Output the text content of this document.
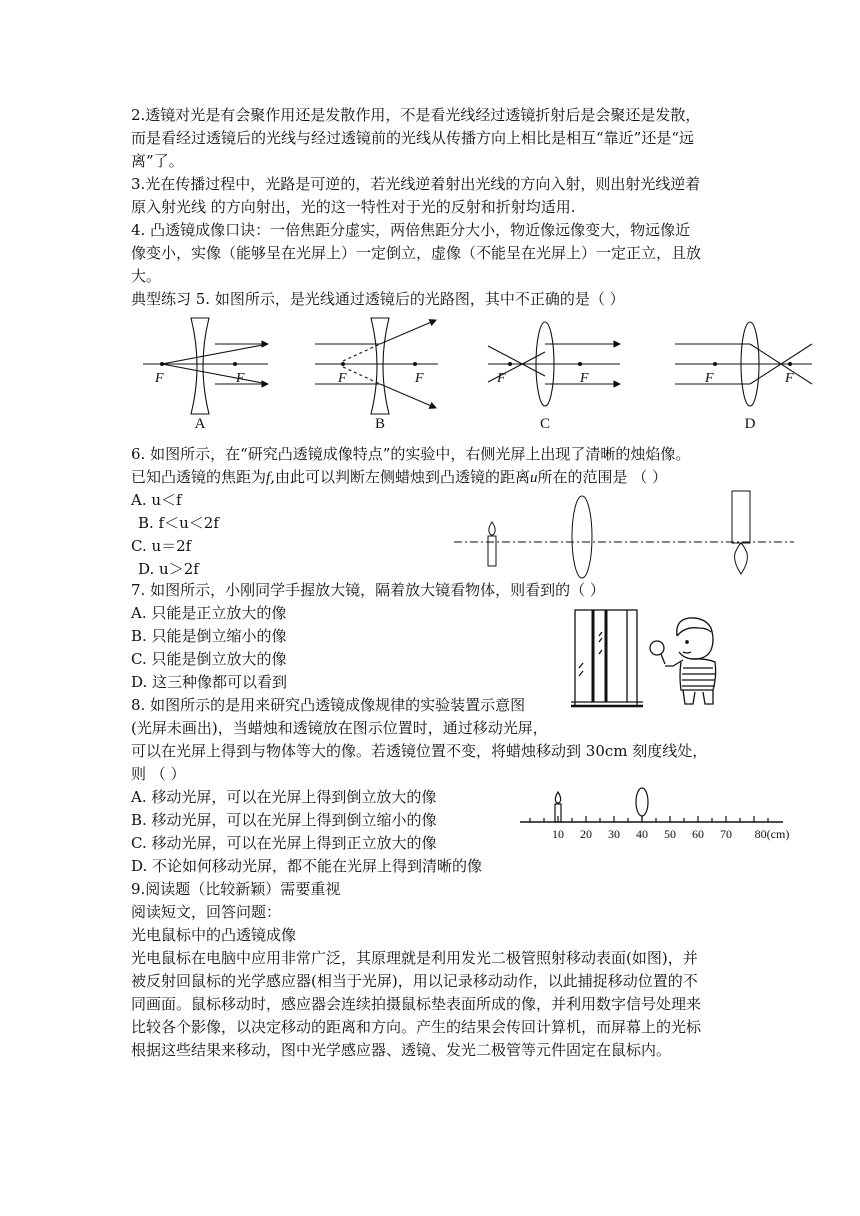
2.透镜对光是有会聚作用还是发散作用，不是看光线经过透镜折射后是会聚还是发散，
而是看经过透镜后的光线与经过透镜前的光线从传播方向上相比是相互“靠近”还是“远
离”了。
3.光在传播过程中，光路是可逆的，若光线逆着射出光线的方向入射，则出射光线逆着
原入射光线 的方向射出，光的这一特性对于光的反射和折射均适用.
4. 凸透镜成像口诀：一倍焦距分虚实，两倍焦距分大小，物近像远像变大，物远像近
像变小，实像（能够呈在光屏上）一定倒立，虚像（不能呈在光屏上）一定正立，且放
大。
典型练习 5. 如图所示，是光线通过透镜后的光路图，其中不正确的是（ ）
F	F	F	F	F	F	F	F
A	B	C	D
6. 如图所示，在“研究凸透镜成像特点”的实验中，右侧光屏上出现了清晰的烛焰像。
已知凸透镜的焦距为f,由此可以判断左侧蜡烛到凸透镜的距离u所在的范围是 （ ）
A. u＜f
B. f＜u＜2f
C. u＝2f
D. u＞2f
7. 如图所示，小刚同学手握放大镜，隔着放大镜看物体，则看到的（ ）
A. 只能是正立放大的像
B. 只能是倒立缩小的像
C. 只能是倒立放大的像
D. 这三种像都可以看到
8. 如图所示的是用来研究凸透镜成像规律的实验装置示意图
(光屏未画出)，当蜡烛和透镜放在图示位置时，通过移动光屏，
可以在光屏上得到与物体等大的像。若透镜位置不变，将蜡烛移动到 30cm 刻度线处，
则 （ ）
A. 移动光屏，可以在光屏上得到倒立放大的像
B. 移动光屏，可以在光屏上得到倒立缩小的像
C. 移动光屏，可以在光屏上得到正立放大的像
D. 不论如何移动光屏，都不能在光屏上得到清晰的像
10 20 30 40 50 60 70 80(cm)
9.阅读题（比较新颖）需要重视
阅读短文，回答问题：
光电鼠标中的凸透镜成像
光电鼠标在电脑中应用非常广泛，其原理就是利用发光二极管照射移动表面(如图)，并
被反射回鼠标的光学感应器(相当于光屏)，用以记录移动动作，以此捕捉移动位置的不
同画面。鼠标移动时，感应器会连续拍摄鼠标垫表面所成的像，并利用数字信号处理来
比较各个影像，以决定移动的距离和方向。产生的结果会传回计算机，而屏幕上的光标
根据这些结果来移动，图中光学感应器、透镜、发光二极管等元件固定在鼠标内。
